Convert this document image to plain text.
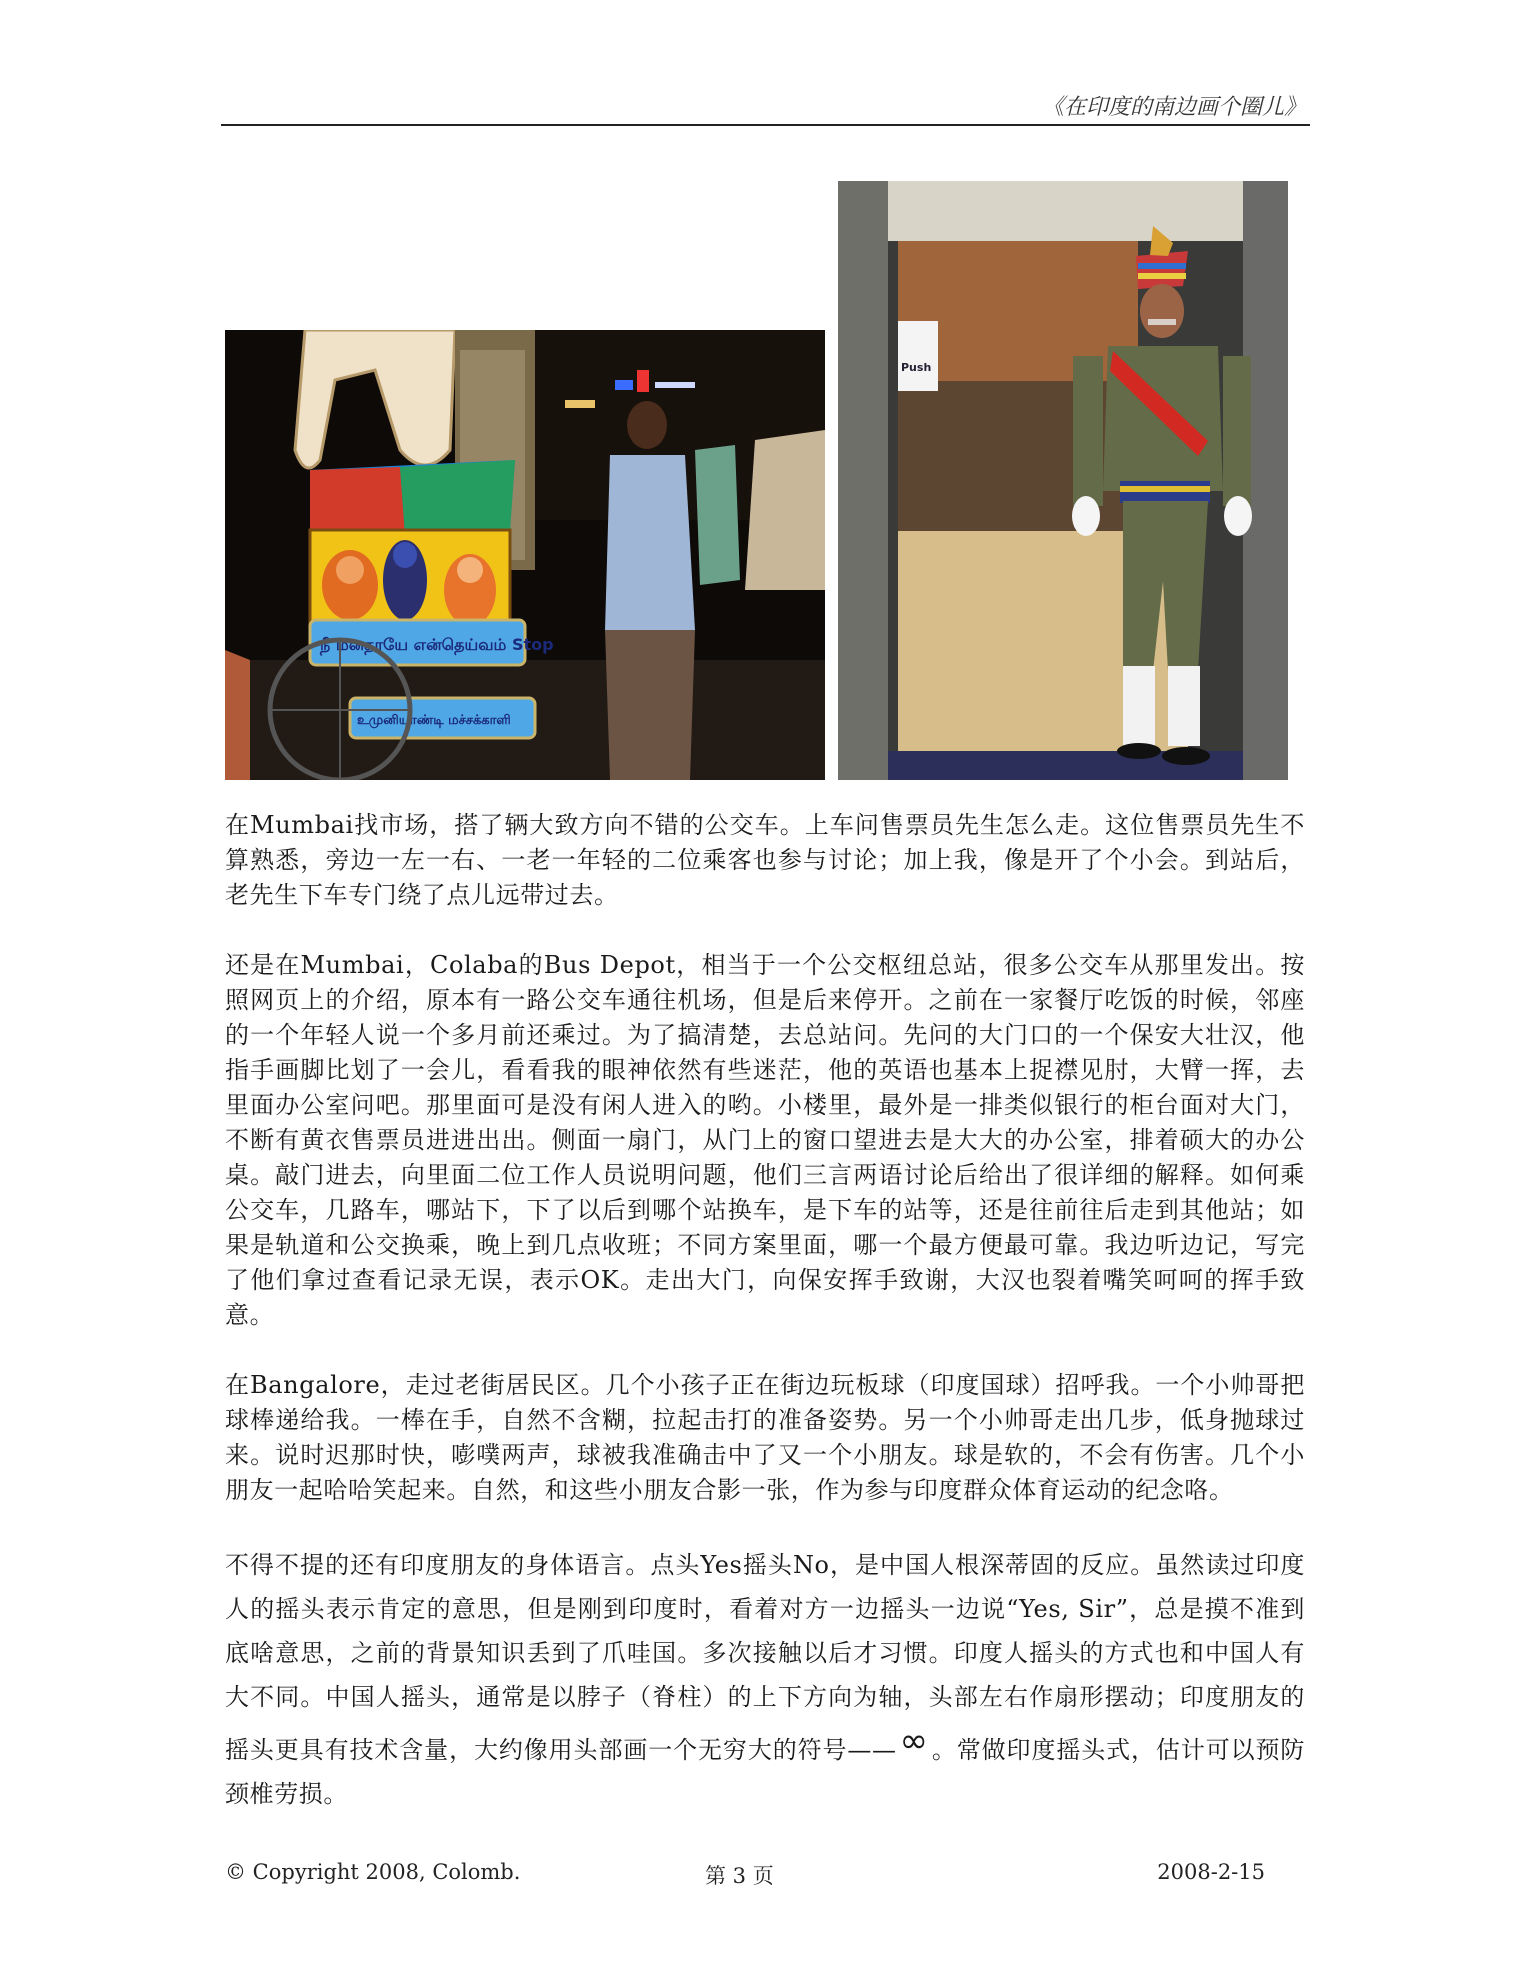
《在印度的南边画个圈儿》
நீ மனதாயே என்தெய்வம் Stop
உமுனியாண்டி மச்சக்காளி
Push

在Mumbai找市场，搭了辆大致方向不错的公交车。上车问售票员先生怎么走。这位售票员先生不算熟悉，旁边一左一右、一老一年轻的二位乘客也参与讨论；加上我，像是开了个小会。到站后，老先生下车专门绕了点儿远带过去。

还是在Mumbai，Colaba的Bus Depot，相当于一个公交枢纽总站，很多公交车从那里发出。按照网页上的介绍，原本有一路公交车通往机场，但是后来停开。之前在一家餐厅吃饭的时候，邻座的一个年轻人说一个多月前还乘过。为了搞清楚，去总站问。先问的大门口的一个保安大壮汉，他指手画脚比划了一会儿，看看我的眼神依然有些迷茫，他的英语也基本上捉襟见肘，大臂一挥，去里面办公室问吧。那里面可是没有闲人进入的哟。小楼里，最外是一排类似银行的柜台面对大门，不断有黄衣售票员进进出出。侧面一扇门，从门上的窗口望进去是大大的办公室，排着硕大的办公桌。敲门进去，向里面二位工作人员说明问题，他们三言两语讨论后给出了很详细的解释。如何乘公交车，几路车，哪站下，下了以后到哪个站换车，是下车的站等，还是往前往后走到其他站；如果是轨道和公交换乘，晚上到几点收班；不同方案里面，哪一个最方便最可靠。我边听边记，写完了他们拿过查看记录无误，表示OK。走出大门，向保安挥手致谢，大汉也裂着嘴笑呵呵的挥手致意。

在Bangalore，走过老街居民区。几个小孩子正在街边玩板球（印度国球）招呼我。一个小帅哥把球棒递给我。一棒在手，自然不含糊，拉起击打的准备姿势。另一个小帅哥走出几步，低身抛球过来。说时迟那时快，嘭噗两声，球被我准确击中了又一个小朋友。球是软的，不会有伤害。几个小朋友一起哈哈笑起来。自然，和这些小朋友合影一张，作为参与印度群众体育运动的纪念咯。

不得不提的还有印度朋友的身体语言。点头Yes摇头No，是中国人根深蒂固的反应。虽然读过印度人的摇头表示肯定的意思，但是刚到印度时，看着对方一边摇头一边说“Yes, Sir”，总是摸不准到底啥意思，之前的背景知识丢到了爪哇国。多次接触以后才习惯。印度人摇头的方式也和中国人有大不同。中国人摇头，通常是以脖子（脊柱）的上下方向为轴，头部左右作扇形摆动；印度朋友的摇头更具有技术含量，大约像用头部画一个无穷大的符号——∞ 。常做印度摇头式，估计可以预防颈椎劳损。

© Copyright 2008, Colomb.	第 3 页	2008-2-15
